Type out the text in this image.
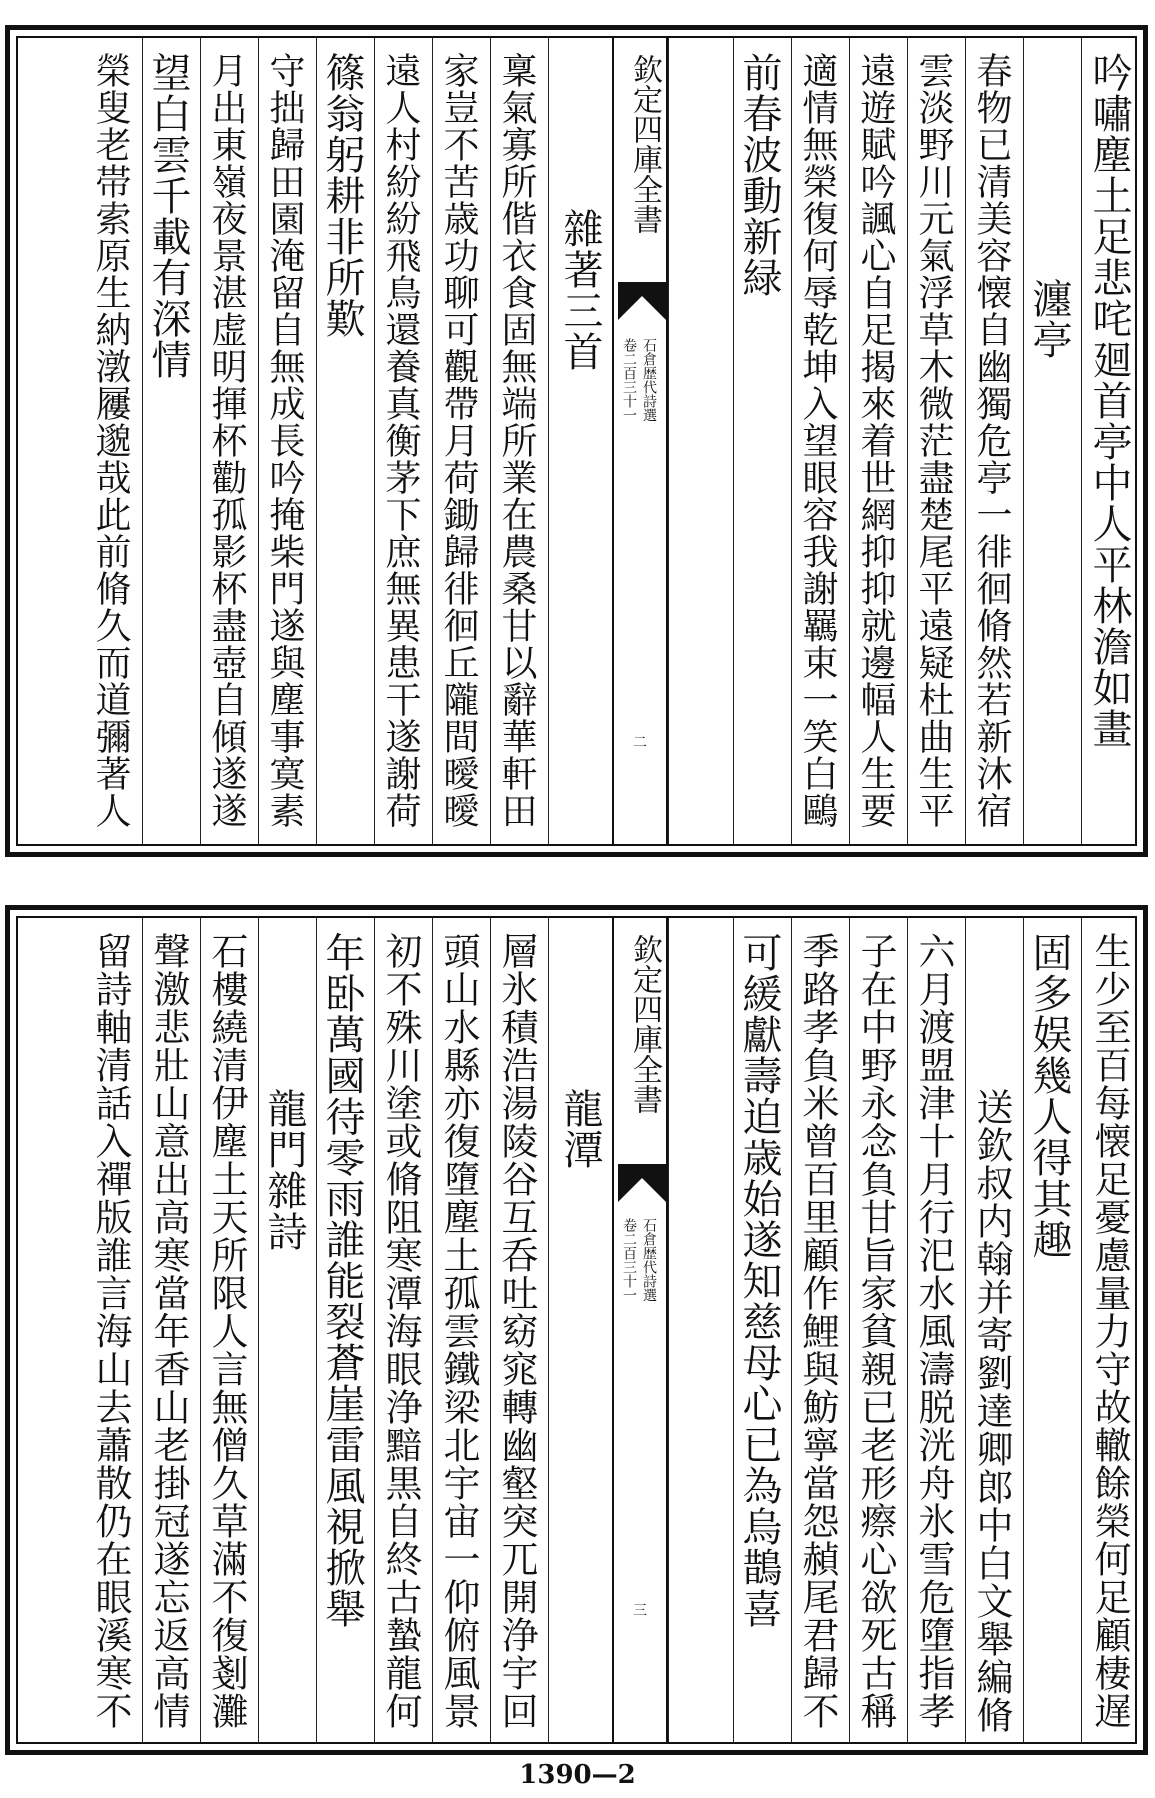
吟嘯塵土足悲咤廻首亭中人平林澹如畫
瀍亭
春物已清美容懐自幽獨危亭一徘徊脩然若新沐宿
雲淡野川元氣浮草木微茫盡楚尾平遠疑杜曲生平
遠遊賦吟諷心自足揭來着世網抑抑就邊幅人生要
適情無榮復何辱乾坤入望眼容我謝羈束一笑白鷗
前春波動新緑
欽定四庫全書
石倉歴代詩選
卷二百三十一
二
雜著三首
稟氣寡所偕衣食固無端所業在農桑甘以辭華軒田
家豈不苦歳功聊可觀帶月荷鋤歸徘徊丘隴間曖曖
遠人村紛紛飛鳥還養真衡茅下庶無異患干遂謝荷
篠翁躬耕非所歎
守拙歸田園淹留自無成長吟掩柴門遂與塵事寞素
月出東嶺夜景湛虚明揮杯勸孤影杯盡壺自傾遂遂
望白雲千載有深情
榮叟老帯索原生納潡屨邈哉此前脩久而道彌著人
生少至百每懐足憂慮量力守故轍餘榮何足顧棲遅
固多娱幾人得其趣
送欽叔内翰并寄劉達卿郎中白文舉編脩
六月渡盟津十月行汜水風濤脱洸舟氷雪危墮指孝
子在中野永念負甘旨家貧親已老形瘵心欲死古稱
季路孝負米曾百里顧作鯉與魴寧當怨赬尾君歸不
可緩獻壽迫歳始遂知慈母心已為烏鵲喜
欽定四庫全書
石倉歴代詩選
卷二百三十一
三
龍潭
層氷積浩湯陵谷互呑吐窈窕轉幽壑突兀開浄宇回
頭山水縣亦復墮塵土孤雲鐵梁北宇宙一仰俯風景
初不殊川塗或脩阻寒潭海眼浄黯黒自終古蟄龍何
年卧萬國待零雨誰能裂蒼崖雷風視掀舉
龍門雜詩
石樓繞清伊塵土天所限人言無僧久草滿不復剗灘
聲激悲壯山意出高寒當年香山老掛冠遂忘返高情
留詩軸清話入禪版誰言海山去蕭散仍在眼溪寒不
1390—2
